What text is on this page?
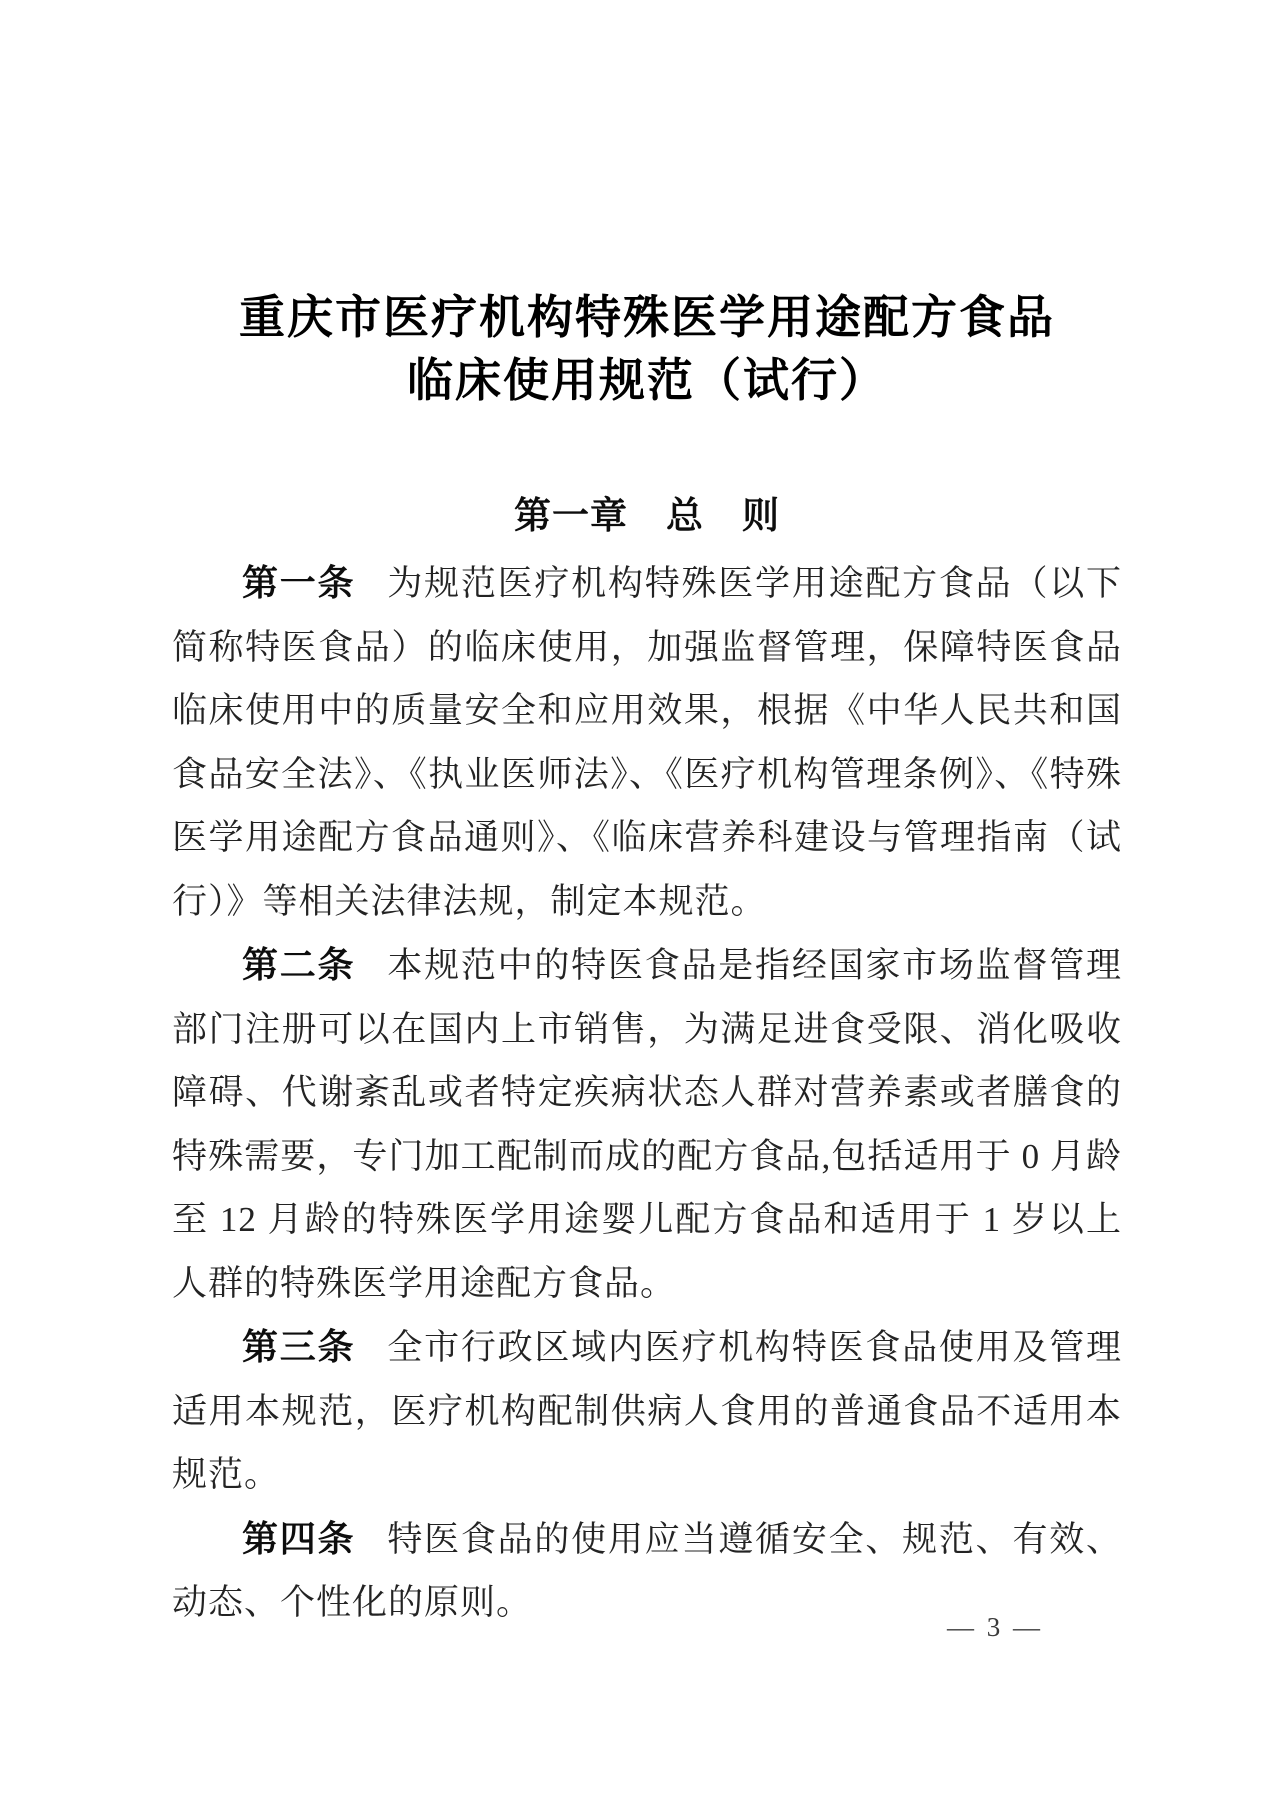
重庆市医疗机构特殊医学用途配方食品
临床使用规范（试行）
第一章　总　则

第一条 为规范医疗机构特殊医学用途配方食品（以下简称特医食品）的临床使用，加强监督管理，保障特医食品临床使用中的质量安全和应用效果，根据《中华人民共和国食品安全法》、《执业医师法》、《医疗机构管理条例》、《特殊医学用途配方食品通则》、《临床营养科建设与管理指南（试行）》等相关法律法规，制定本规范。

第二条 本规范中的特医食品是指经国家市场监督管理部门注册可以在国内上市销售，为满足进食受限、消化吸收障碍、代谢紊乱或者特定疾病状态人群对营养素或者膳食的特殊需要，专门加工配制而成的配方食品,包括适用于 0 月龄至 12 月龄的特殊医学用途婴儿配方食品和适用于 1 岁以上人群的特殊医学用途配方食品。

第三条 全市行政区域内医疗机构特医食品使用及管理适用本规范，医疗机构配制供病人食用的普通食品不适用本规范。

第四条 特医食品的使用应当遵循安全、规范、有效、动态、个性化的原则。

— 3 —
